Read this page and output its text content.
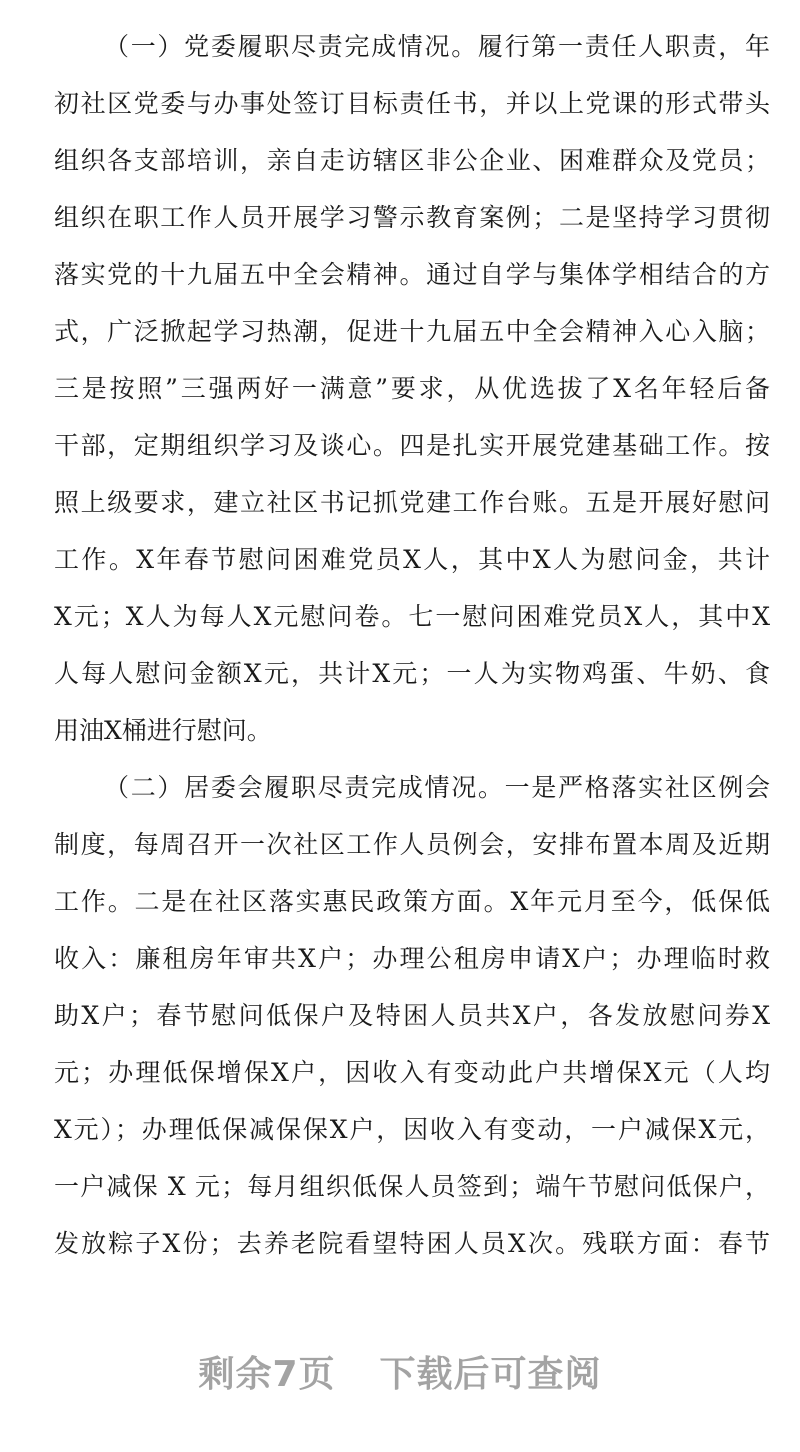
（一）党委履职尽责完成情况。履行第一责任人职责，年
初社区党委与办事处签订目标责任书，并以上党课的形式带头
组织各支部培训，亲自走访辖区非公企业、困难群众及党员；
组织在职工作人员开展学习警示教育案例；二是坚持学习贯彻
落实党的十九届五中全会精神。通过自学与集体学相结合的方
式，广泛掀起学习热潮，促进十九届五中全会精神入心入脑；
三是按照”三强两好一满意”要求，从优选拔了X名年轻后备
干部，定期组织学习及谈心。四是扎实开展党建基础工作。按
照上级要求，建立社区书记抓党建工作台账。五是开展好慰问
工作。X年春节慰问困难党员X人，其中X人为慰问金，共计
X元；X人为每人X元慰问卷。七一慰问困难党员X人，其中X
人每人慰问金额X元，共计X元；一人为实物鸡蛋、牛奶、食
用油X桶进行慰问。
（二）居委会履职尽责完成情况。一是严格落实社区例会
制度，每周召开一次社区工作人员例会，安排布置本周及近期
工作。二是在社区落实惠民政策方面。X年元月至今，低保低
收入：廉租房年审共X户；办理公租房申请X户；办理临时救
助X户；春节慰问低保户及特困人员共X户，各发放慰问券X
元；办理低保增保X户，因收入有变动此户共增保X元（人均
X元）；办理低保减保保X户，因收入有变动，一户减保X元，
一户减保 X 元；每月组织低保人员签到；端午节慰问低保户，
发放粽子X份；去养老院看望特困人员X次。残联方面：春节
剩余7页 下载后可查阅
